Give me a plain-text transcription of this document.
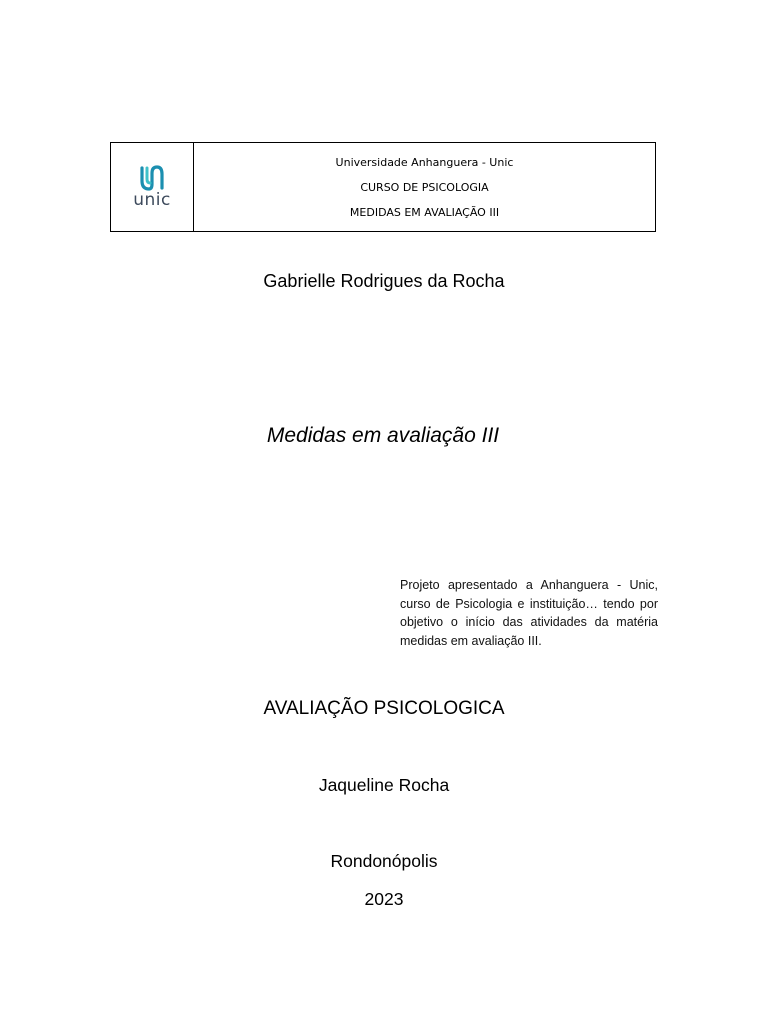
unic
Universidade Anhanguera - Unic
CURSO DE PSICOLOGIA
MEDIDAS EM AVALIAÇÃO III
Gabrielle Rodrigues da Rocha
Medidas em avaliação III
Projeto apresentado a Anhanguera - Unic, curso de Psicologia e instituição… tendo por objetivo o início das atividades da matéria medidas em avaliação III.
AVALIAÇÃO PSICOLOGICA
Jaqueline Rocha
Rondonópolis
2023
